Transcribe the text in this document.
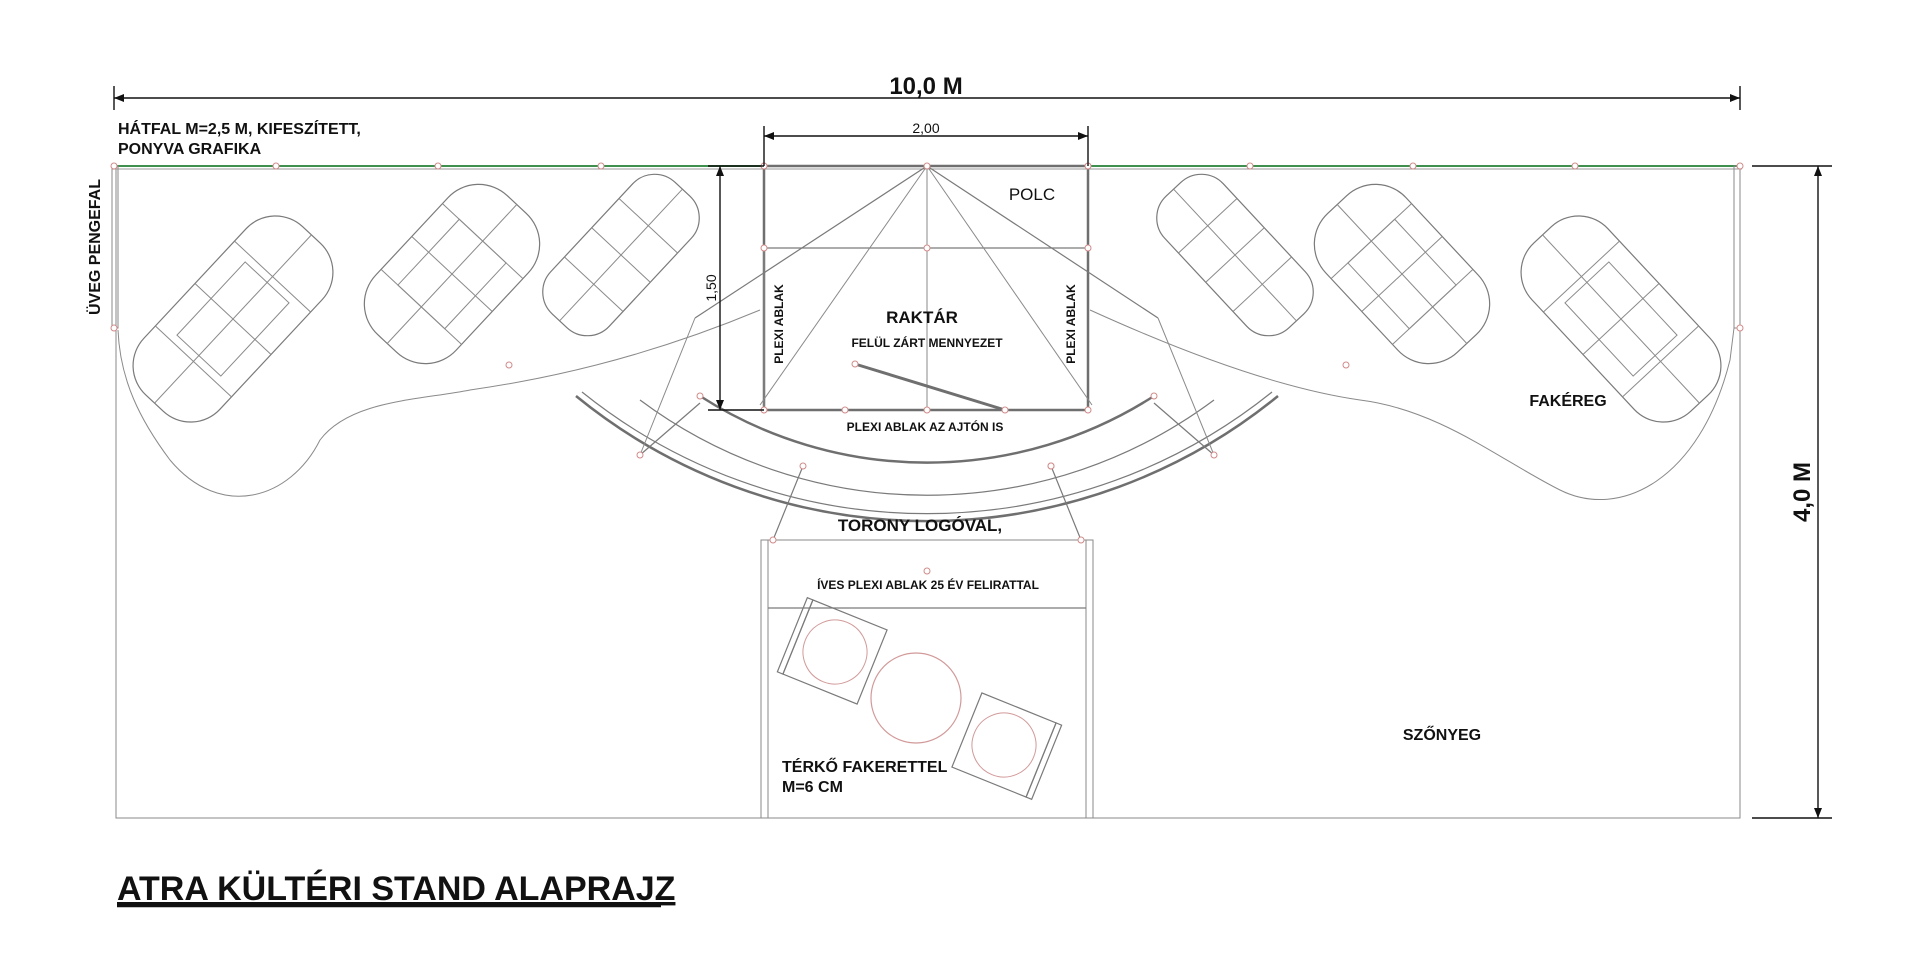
10,0 M
4,0 M
HÁTFAL M=2,5 M, KIFESZÍTETT,
PONYVA GRAFIKA
ÜVEG PENGEFAL
2,00
1,50
POLC
RAKTÁR
FELÜL ZÁRT MENNYEZET
PLEXI ABLAK	PLEXI ABLAK
PLEXI ABLAK AZ AJTÓN IS
TORONY LOGÓVAL,
ÍVES PLEXI ABLAK 25 ÉV FELIRATTAL
FAKÉREG
TÉRKŐ FAKERETTEL
M=6 CM
SZŐNYEG
ATRA KÜLTÉRI STAND ALAPRAJZ
